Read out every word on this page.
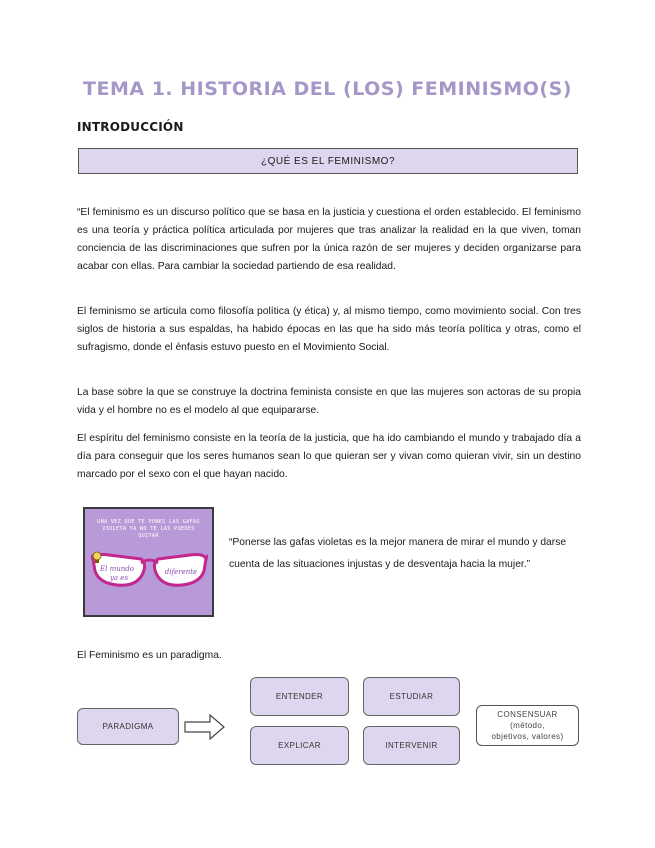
TEMA 1. HISTORIA DEL (LOS) FEMINISMO(S)
INTRODUCCIÓN
¿QUÉ ES EL FEMINISMO?
“El feminismo es un discurso político que se basa en la justicia y cuestiona el orden establecido. El feminismo es una teoría y práctica política articulada por mujeres que tras analizar la realidad en la que viven, toman conciencia de las discriminaciones que sufren por la única razón de ser mujeres y deciden organizarse para acabar con ellas. Para cambiar la sociedad partiendo de esa realidad.
El feminismo se articula como filosofía política (y ética) y, al mismo tiempo, como movimiento social. Con tres siglos de historia a sus espaldas, ha habido épocas en las que ha sido más teoría política y otras, como el sufragismo, donde el énfasis estuvo puesto en el Movimiento Social.
La base sobre la que se construye la doctrina feminista consiste en que las mujeres son actoras de su propia vida y el hombre no es el modelo al que equipararse.
El espíritu del feminismo consiste en la teoría de la justicia, que ha ido cambiando el mundo y trabajado día a día para conseguir que los seres humanos sean lo que quieran ser y vivan como quieran vivir, sin un destino marcado por el sexo con el que hayan nacido.
UNA VEZ QUE TE PONES LAS GAFAS VIOLETA YA NO TE LAS PUEDES QUITAR
El mundo
ya es
diferente
“Ponerse las gafas violetas es la mejor manera de mirar el mundo y darse cuenta de las situaciones injustas y de desventaja hacia la mujer.”
El Feminismo es un paradigma.
PARADIGMA
ENTENDER	ESTUDIAR
EXPLICAR	INTERVENIR
CONSENSUAR
(método,
objetivos, valores)
